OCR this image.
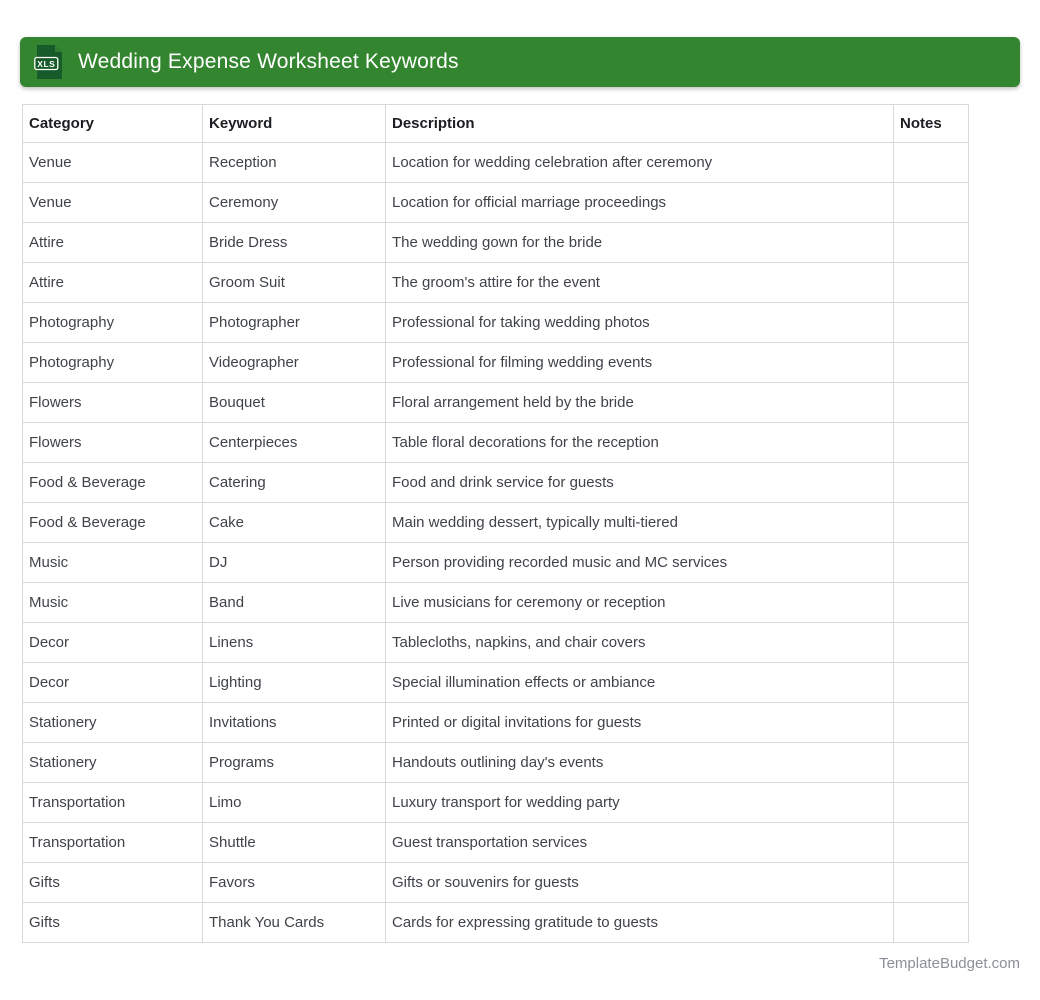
XLS Wedding Expense Worksheet Keywords
Category	Keyword	Description	Notes
Venue	Reception	Location for wedding celebration after ceremony	
Venue	Ceremony	Location for official marriage proceedings	
Attire	Bride Dress	The wedding gown for the bride	
Attire	Groom Suit	The groom's attire for the event	
Photography	Photographer	Professional for taking wedding photos	
Photography	Videographer	Professional for filming wedding events	
Flowers	Bouquet	Floral arrangement held by the bride	
Flowers	Centerpieces	Table floral decorations for the reception	
Food & Beverage	Catering	Food and drink service for guests	
Food & Beverage	Cake	Main wedding dessert, typically multi-tiered	
Music	DJ	Person providing recorded music and MC services	
Music	Band	Live musicians for ceremony or reception	
Decor	Linens	Tablecloths, napkins, and chair covers	
Decor	Lighting	Special illumination effects or ambiance	
Stationery	Invitations	Printed or digital invitations for guests	
Stationery	Programs	Handouts outlining day's events	
Transportation	Limo	Luxury transport for wedding party	
Transportation	Shuttle	Guest transportation services	
Gifts	Favors	Gifts or souvenirs for guests	
Gifts	Thank You Cards	Cards for expressing gratitude to guests	
TemplateBudget.com
